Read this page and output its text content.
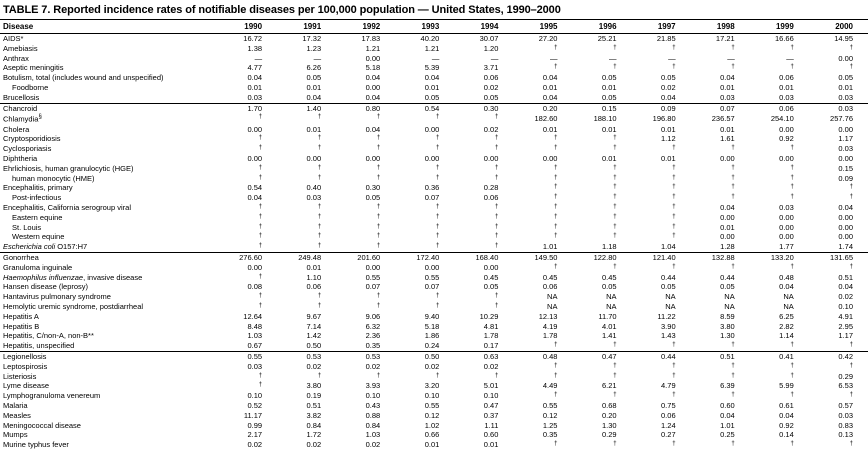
TABLE 7. Reported incidence rates of notifiable diseases per 100,000 population — United States, 1990–2000
Disease	1990	1991	1992	1993	1994	1995	1996	1997	1998	1999	2000
AIDS*	16.72	17.32	17.83	40.20	30.07	27.20	25.21	21.85	17.21	16.66	14.95
Amebiasis	1.38	1.23	1.21	1.21	1.20	†	†	†	†	†	†
Anthrax	—	—	0.00	—	—	—	—	—	—	—	0.00
Aseptic meningitis	4.77	6.26	5.18	5.39	3.71	†	†	†	†	†	†
Botulism, total (includes wound and unspecified)	0.04	0.05	0.04	0.04	0.06	0.04	0.05	0.05	0.04	0.06	0.05
Foodborne	0.01	0.01	0.00	0.01	0.02	0.01	0.01	0.02	0.01	0.01	0.01
Brucellosis	0.03	0.04	0.04	0.05	0.05	0.04	0.05	0.04	0.03	0.03	0.03
Chancroid	1.70	1.40	0.80	0.54	0.30	0.20	0.15	0.09	0.07	0.06	0.03
Chlamydia§	†	†	†	†	†	182.60	188.10	196.80	236.57	254.10	257.76
Cholera	0.00	0.01	0.04	0.00	0.02	0.01	0.01	0.01	0.01	0.00	0.00
Cryptosporidiosis	†	†	†	†	†	†	†	1.12	1.61	0.92	1.17
Cyclosporiasis	†	†	†	†	†	†	†	†	†	†	0.03
Diphtheria	0.00	0.00	0.00	0.00	0.00	0.00	0.01	0.01	0.00	0.00	0.00
Ehrlichiosis, human granulocytic (HGE)	†	†	†	†	†	†	†	†	†	†	0.15
human monocytic (HME)	†	†	†	†	†	†	†	†	†	†	0.09
Encephalitis, primary	0.54	0.40	0.30	0.36	0.28	†	†	†	†	†	†
Post-infectious	0.04	0.03	0.05	0.07	0.06	†	†	†	†	†	†
Encephalitis, California serogroup viral	†	†	†	†	†	†	†	†	0.04	0.03	0.04
Eastern equine	†	†	†	†	†	†	†	†	0.00	0.00	0.00
St. Louis	†	†	†	†	†	†	†	†	0.01	0.00	0.00
Western equine	†	†	†	†	†	†	†	†	0.00	0.00	0.00
Escherichia coli O157:H7	†	†	†	†	†	1.01	1.18	1.04	1.28	1.77	1.74
Gonorrhea	276.60	249.48	201.60	172.40	168.40	149.50	122.80	121.40	132.88	133.20	131.65
Granuloma inguinale	0.00	0.01	0.00	0.00	0.00	†	†	†	†	†	†
Haemophilus influenzae, invasive disease	†	1.10	0.55	0.55	0.45	0.45	0.45	0.44	0.44	0.48	0.51
Hansen disease (leprosy)	0.08	0.06	0.07	0.07	0.05	0.06	0.05	0.05	0.05	0.04	0.04
Hantavirus pulmonary syndrome	†	†	†	†	†	NA	NA	NA	NA	NA	0.02
Hemolytic uremic syndrome, postdiarrheal	†	†	†	†	†	NA	NA	NA	NA	NA	0.10
Hepatitis A	12.64	9.67	9.06	9.40	10.29	12.13	11.70	11.22	8.59	6.25	4.91
Hepatitis B	8.48	7.14	6.32	5.18	4.81	4.19	4.01	3.90	3.80	2.82	2.95
Hepatitis, C/non-A, non-B**	1.03	1.42	2.36	1.86	1.78	1.78	1.41	1.43	1.30	1.14	1.17
Hepatitis, unspecified	0.67	0.50	0.35	0.24	0.17	†	†	†	†	†	†
Legionellosis	0.55	0.53	0.53	0.50	0.63	0.48	0.47	0.44	0.51	0.41	0.42
Leptospirosis	0.03	0.02	0.02	0.02	0.02	†	†	†	†	†	†
Listeriosis	†	†	†	†	†	†	†	†	†	†	0.29
Lyme disease	†	3.80	3.93	3.20	5.01	4.49	6.21	4.79	6.39	5.99	6.53
Lymphogranuloma venereum	0.10	0.19	0.10	0.10	0.10	†	†	†	†	†	†
Malaria	0.52	0.51	0.43	0.55	0.47	0.55	0.68	0.75	0.60	0.61	0.57
Measles	11.17	3.82	0.88	0.12	0.37	0.12	0.20	0.06	0.04	0.04	0.03
Meningococcal disease	0.99	0.84	0.84	1.02	1.11	1.25	1.30	1.24	1.01	0.92	0.83
Mumps	2.17	1.72	1.03	0.66	0.60	0.35	0.29	0.27	0.25	0.14	0.13
Murine typhus fever	0.02	0.02	0.02	0.01	0.01	†	†	†	†	†	†
